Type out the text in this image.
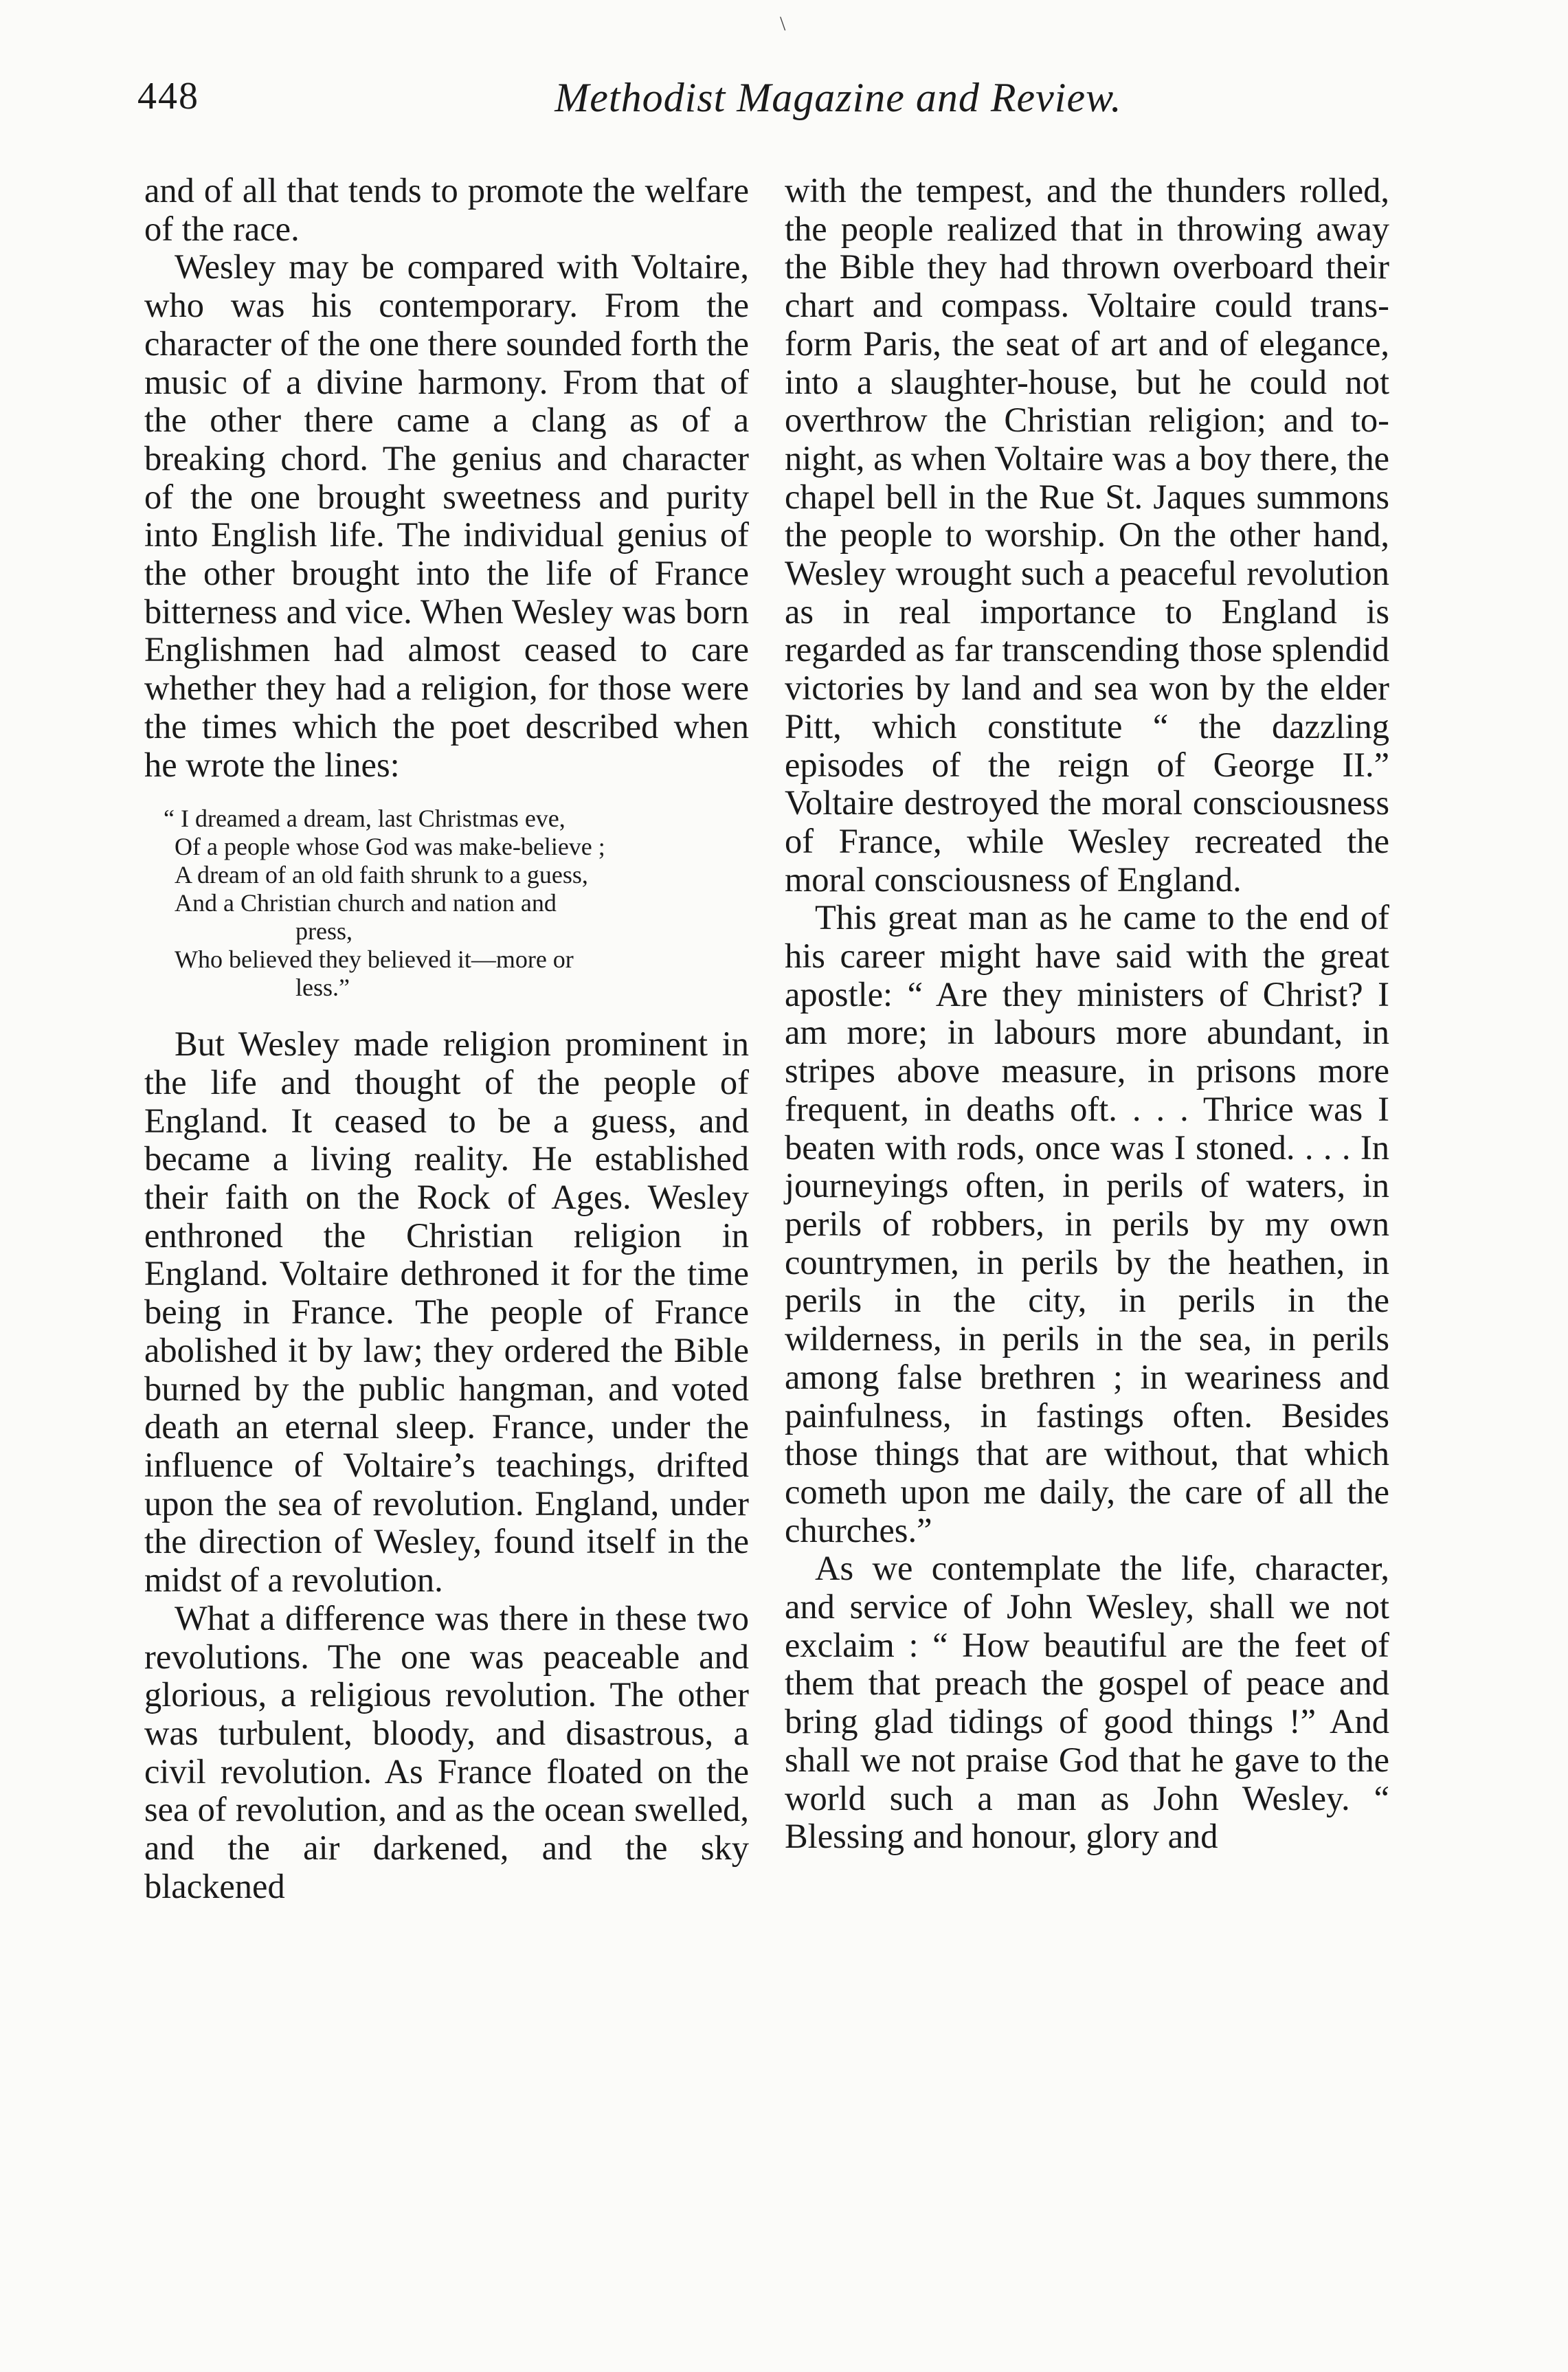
\
448	Methodist Magazine and Review.

and of all that tends to promote the welfare of the race.

Wesley may be compared with Voltaire, who was his contemporary. From the character of the one there sounded forth the music of a divine harmony. From that of the other there came a clang as of a breaking chord. The genius and character of the one brought sweetness and purity into English life. The individual genius of the other brought into the life of France bitterness and vice. When Wesley was born Englishmen had almost ceased to care whether they had a religion, for those were the times which the poet described when he wrote the lines:

“ I dreamed a dream, last Christmas eve,
Of a people whose God was make-believe ;
A dream of an old faith shrunk to a guess,
And a Christian church and nation and
press,
Who believed they believed it—more or
less.”

But Wesley made religion prominent in the life and thought of the people of England. It ceased to be a guess, and became a living reality. He established their faith on the Rock of Ages. Wesley enthroned the Christian religion in England. Voltaire dethroned it for the time being in France. The people of France abolished it by law; they ordered the Bible burned by the public hangman, and voted death an eternal sleep. France, under the influence of Voltaire’s teachings, drifted upon the sea of revolution. England, under the direction of Wesley, found itself in the midst of a revolution.

What a difference was there in these two revolutions. The one was peaceable and glorious, a religious revolution. The other was turbulent, bloody, and disastrous, a civil revolution. As France floated on the sea of revolution, and as the ocean swelled, and the air darkened, and the sky blackened

with the tempest, and the thunders rolled, the people realized that in throwing away the Bible they had thrown overboard their chart and compass. Voltaire could transform Paris, the seat of art and of elegance, into a slaughter-house, but he could not overthrow the Christian religion; and to-night, as when Voltaire was a boy there, the chapel bell in the Rue St. Jaques summons the people to worship. On the other hand, Wesley wrought such a peaceful revolution as in real importance to England is regarded as far transcending those splendid victories by land and sea won by the elder Pitt, which constitute “ the dazzling episodes of the reign of George II.” Voltaire destroyed the moral consciousness of France, while Wesley recreated the moral consciousness of England.

This great man as he came to the end of his career might have said with the great apostle: “ Are they ministers of Christ? I am more; in labours more abundant, in stripes above measure, in prisons more frequent, in deaths oft. . . . Thrice was I beaten with rods, once was I stoned. . . . In journeyings often, in perils of waters, in perils of robbers, in perils by my own countrymen, in perils by the heathen, in perils in the city, in perils in the wilderness, in perils in the sea, in perils among false brethren ; in weariness and painfulness, in fastings often. Besides those things that are without, that which cometh upon me daily, the care of all the churches.”

As we contemplate the life, character, and service of John Wesley, shall we not exclaim : “ How beautiful are the feet of them that preach the gospel of peace and bring glad tidings of good things !” And shall we not praise God that he gave to the world such a man as John Wesley. “ Blessing and honour, glory and
